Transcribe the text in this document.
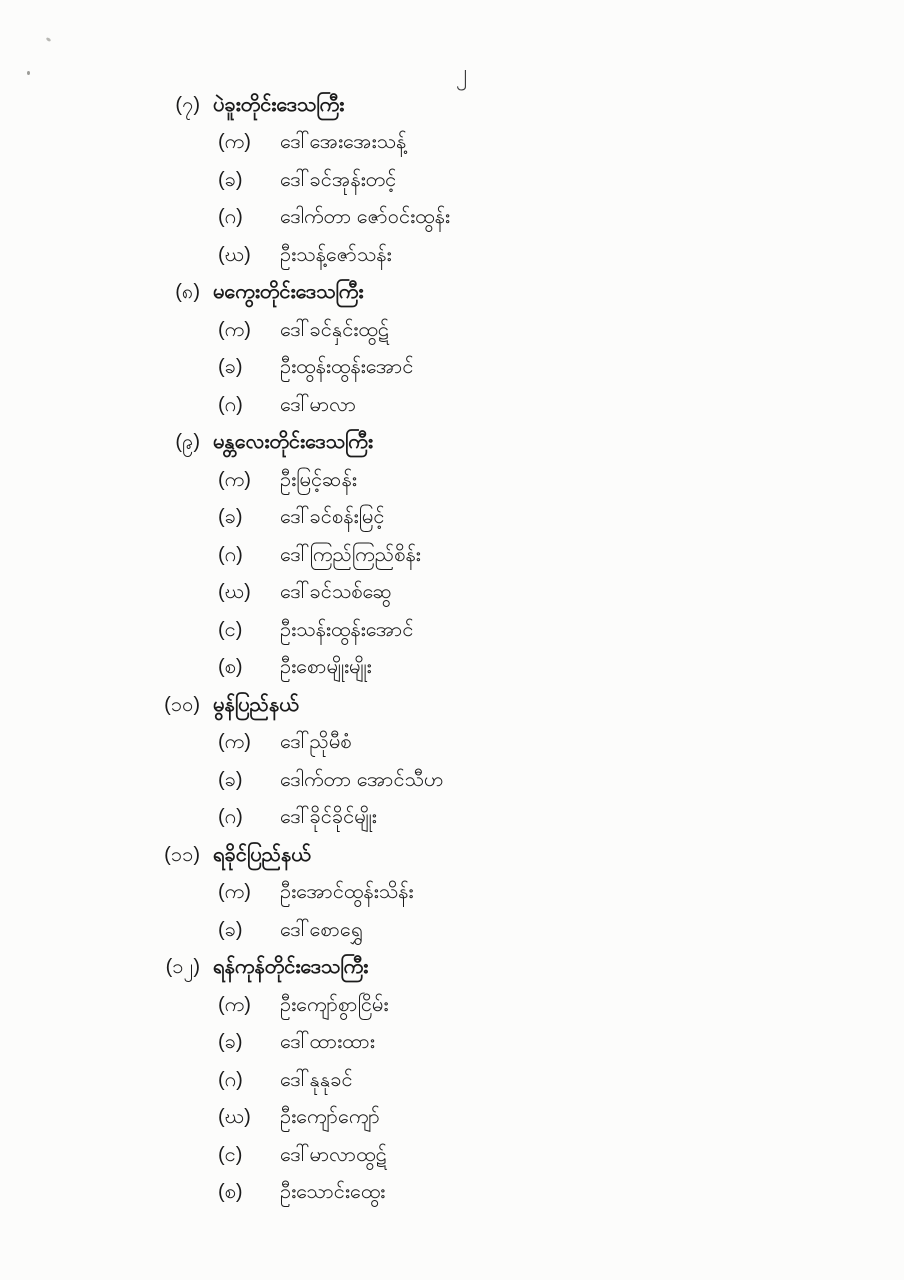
၂
(၇) ပဲခူးတိုင်းဒေသကြီး
(က)	ဒေါ်အေးအေးသန့်
(ခ)	ဒေါ်ခင်အုန်းတင့်
(ဂ)	ဒေါက်တာ ဇော်ဝင်းထွန်း
(ဃ)	ဦးသန့်ဇော်သန်း
(၈) မကွေးတိုင်းဒေသကြီး
(က)	ဒေါ်ခင်နှင်းထွဋ်
(ခ)	ဦးထွန်းထွန်းအောင်
(ဂ)	ဒေါ်မာလာ
(၉) မန္တလေးတိုင်းဒေသကြီး
(က)	ဦးမြင့်ဆန်း
(ခ)	ဒေါ်ခင်စန်းမြင့်
(ဂ)	ဒေါ်ကြည်ကြည်စိန်း
(ဃ)	ဒေါ်ခင်သစ်ဆွေ
(င)	ဦးသန်းထွန်းအောင်
(စ)	ဦးစောမျိုးမျိုး
(၁၀) မွန်ပြည်နယ်
(က)	ဒေါ်ညိုမီစံ
(ခ)	ဒေါက်တာ အောင်သီဟ
(ဂ)	ဒေါ်ခိုင်ခိုင်မျိုး
(၁၁) ရခိုင်ပြည်နယ်
(က)	ဦးအောင်ထွန်းသိန်း
(ခ)	ဒေါ်စောရွှေ
(၁၂) ရန်ကုန်တိုင်းဒေသကြီး
(က)	ဦးကျော်စွာငြိမ်း
(ခ)	ဒေါ်ထားထား
(ဂ)	ဒေါ်နုနုခင်
(ဃ)	ဦးကျော်ကျော်
(င)	ဒေါ်မာလာထွဋ်
(စ)	ဦးသောင်းထွေး
